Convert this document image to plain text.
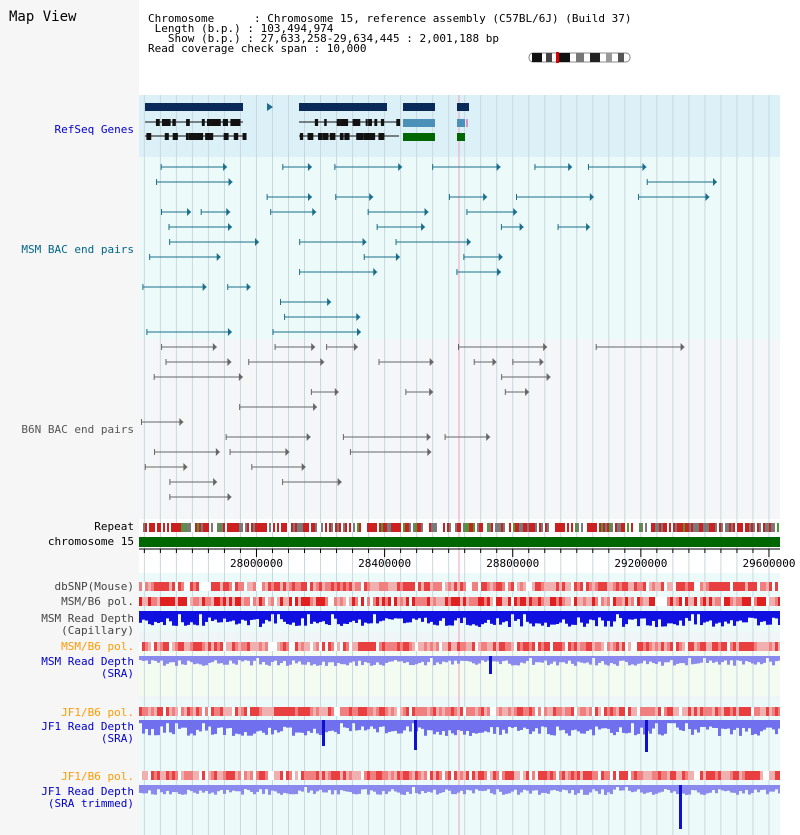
Map View	Chromosome      : Chromosome 15, reference assembly (C57BL/6J) (Build 37)
Length (b.p.) : 103,494,974
Show (b.p.) : 27,633,258-29,634,445 : 2,001,188 bp
Read coverage check span : 10,000
RefSeq Genes
MSM BAC end pairs
B6N BAC end pairs
Repeat
chromosome 15
dbSNP(Mouse)
MSM/B6 pol.
MSM Read Depth
(Capillary)
MSM/B6 pol.
MSM Read Depth
(SRA)
JF1/B6 pol.
JF1 Read Depth
(SRA)
JF1/B6 pol.
JF1 Read Depth
(SRA trimmed)
28000000	28400000	28800000	29200000	29600000
